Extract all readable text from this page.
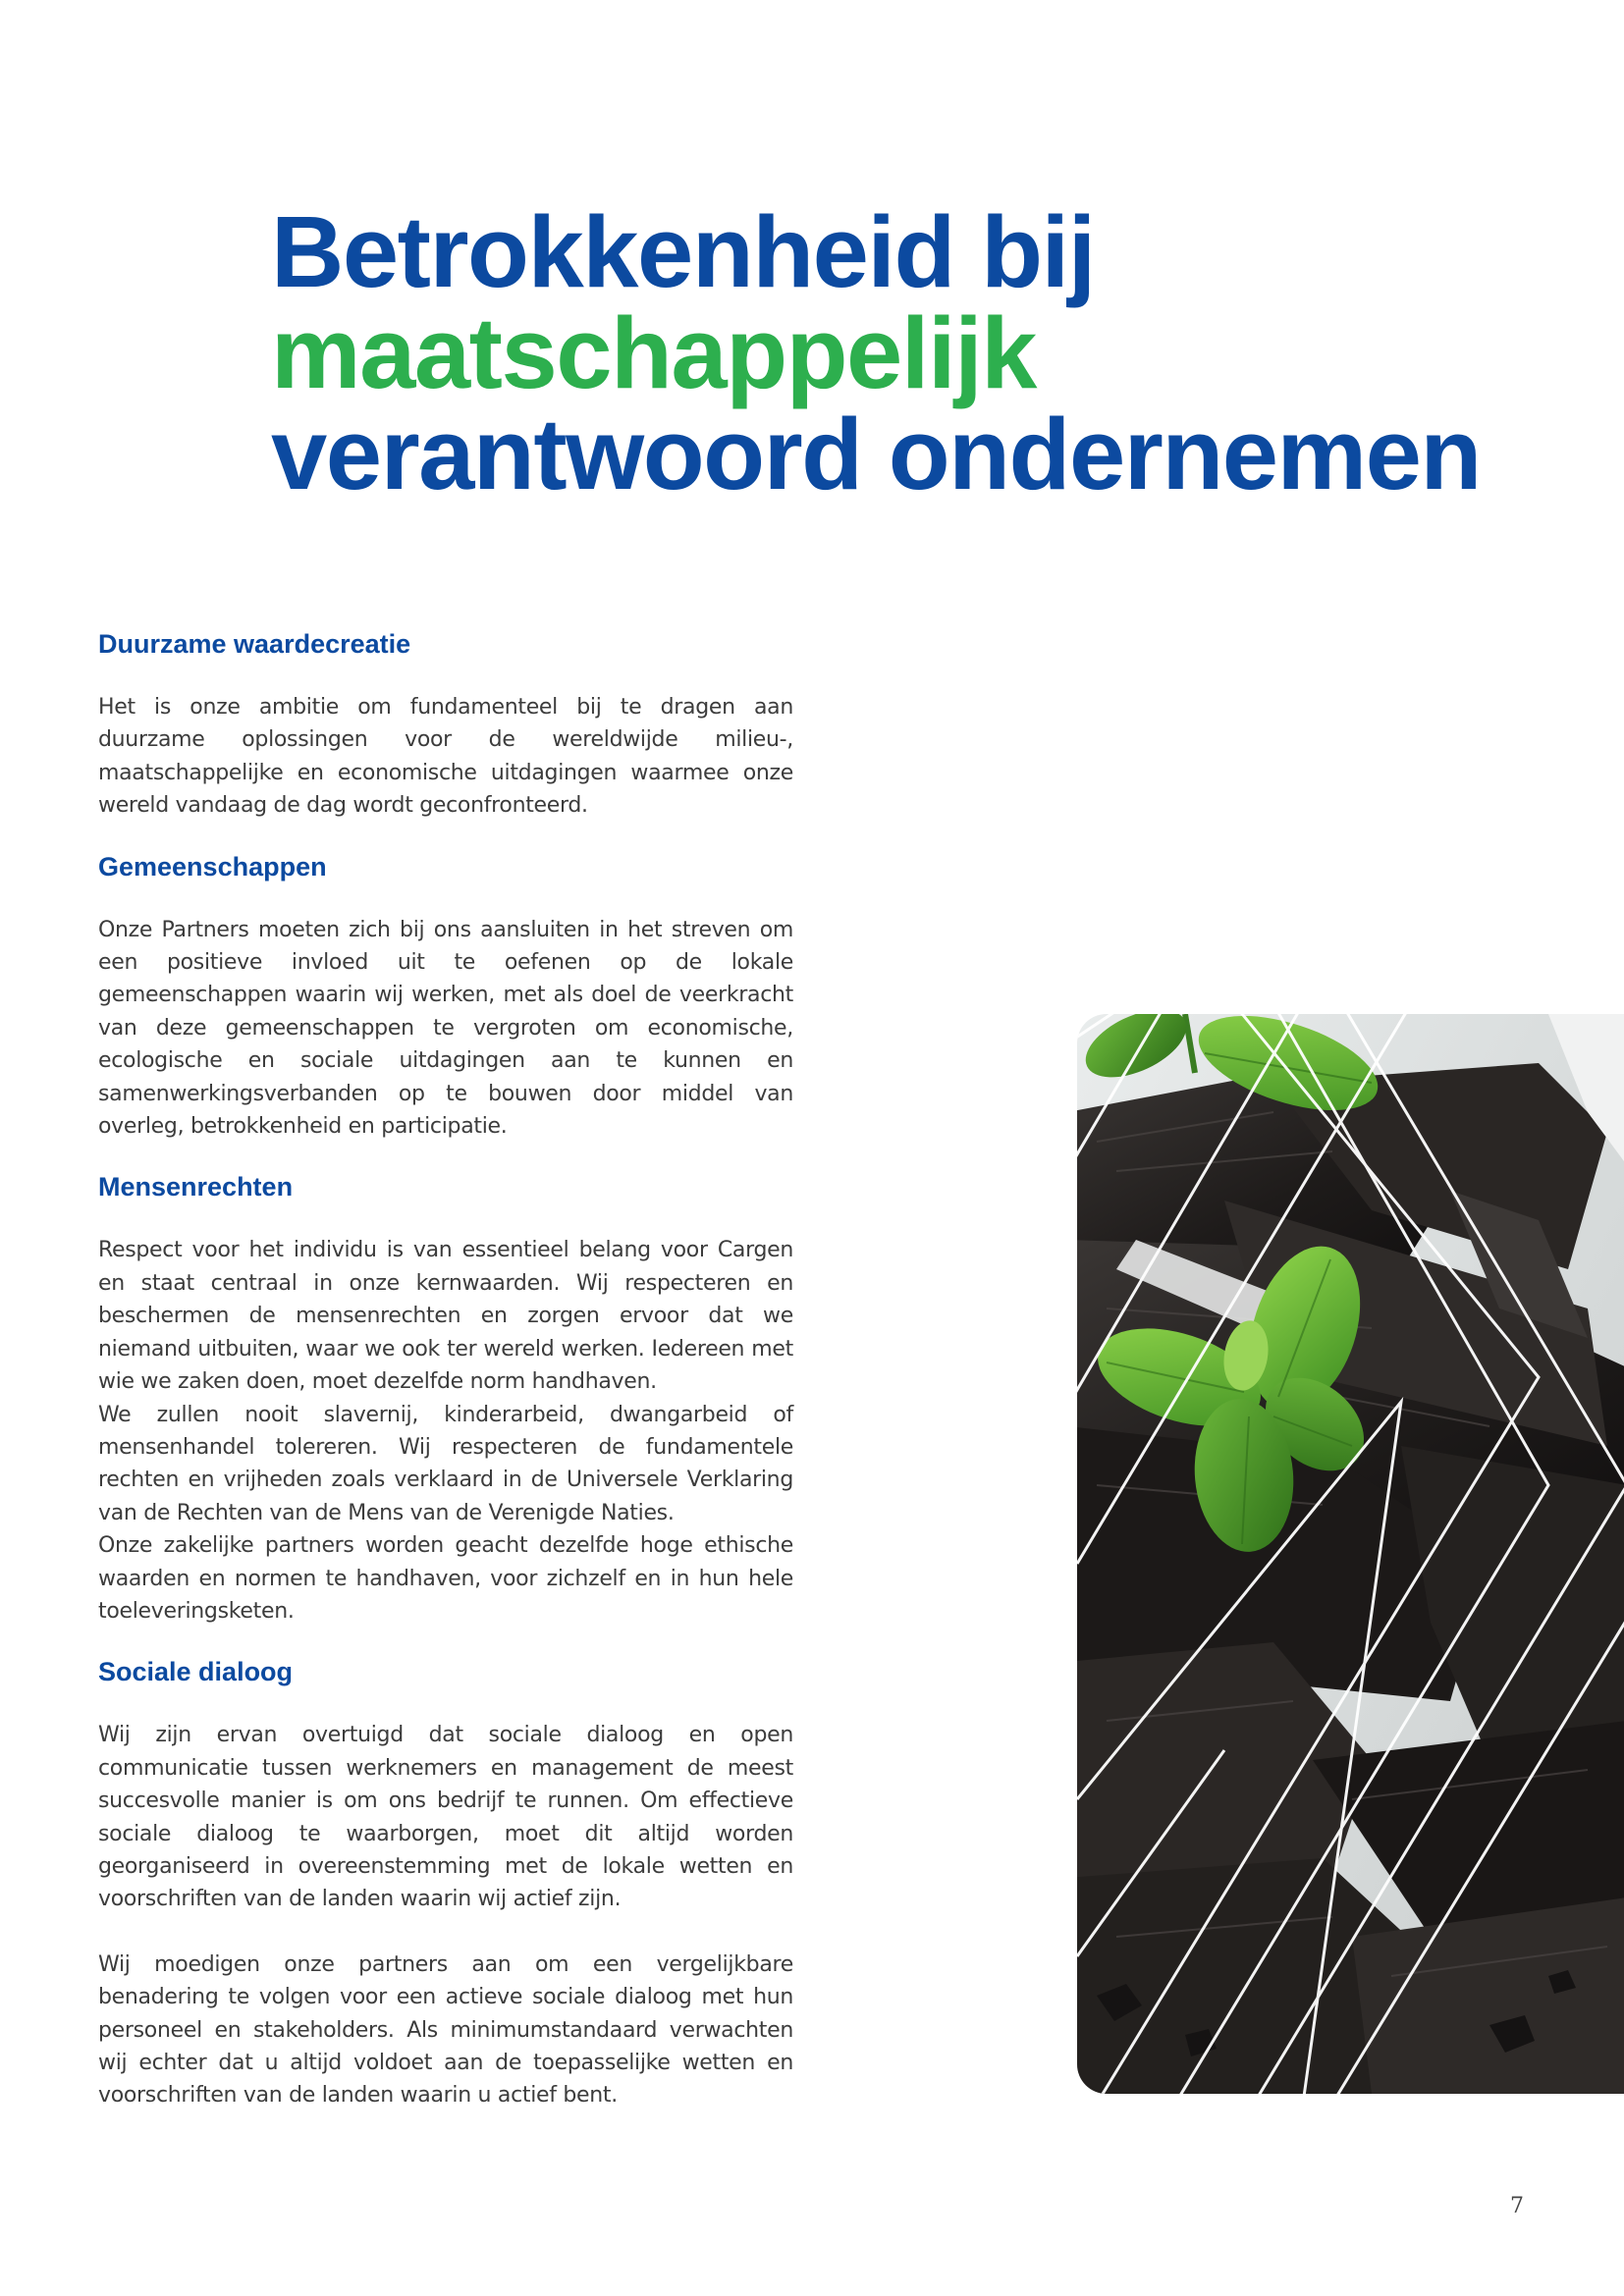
Betrokkenheid bij
maatschappelijk
verantwoord ondernemen
Duurzame waardecreatie

Het is onze ambitie om fundamenteel bij te dragen aan duurzame oplossingen voor de wereldwijde milieu-, maatschappelijke en economische uitdagingen waarmee onze wereld vandaag de dag wordt geconfronteerd.

Gemeenschappen

Onze Partners moeten zich bij ons aansluiten in het streven om een positieve invloed uit te oefenen op de lokale gemeenschappen waarin wij werken, met als doel de veerkracht van deze gemeenschappen te vergroten om economische, ecologische en sociale uitdagingen aan te kunnen en samenwerkingsverbanden op te bouwen door middel van overleg, betrokkenheid en participatie.

Mensenrechten

Respect voor het individu is van essentieel belang voor Cargen en staat centraal in onze kernwaarden. Wij respecteren en beschermen de mensenrechten en zorgen ervoor dat we niemand uitbuiten, waar we ook ter wereld werken. Iedereen met wie we zaken doen, moet dezelfde norm handhaven.

We zullen nooit slavernij, kinderarbeid, dwangarbeid of mensenhandel tolereren. Wij respecteren de fundamentele rechten en vrijheden zoals verklaard in de Universele Verklaring van de Rechten van de Mens van de Verenigde Naties.

Onze zakelijke partners worden geacht dezelfde hoge ethische waarden en normen te handhaven, voor zichzelf en in hun hele toeleveringsketen.

Sociale dialoog

Wij zijn ervan overtuigd dat sociale dialoog en open communicatie tussen werknemers en management de meest succesvolle manier is om ons bedrijf te runnen. Om effectieve sociale dialoog te waarborgen, moet dit altijd worden georganiseerd in overeenstemming met de lokale wetten en voorschriften van de landen waarin wij actief zijn.

Wij moedigen onze partners aan om een vergelijkbare benadering te volgen voor een actieve sociale dialoog met hun personeel en stakeholders. Als minimumstandaard verwachten wij echter dat u altijd voldoet aan de toepasselijke wetten en voorschriften van de landen waarin u actief bent.

7
